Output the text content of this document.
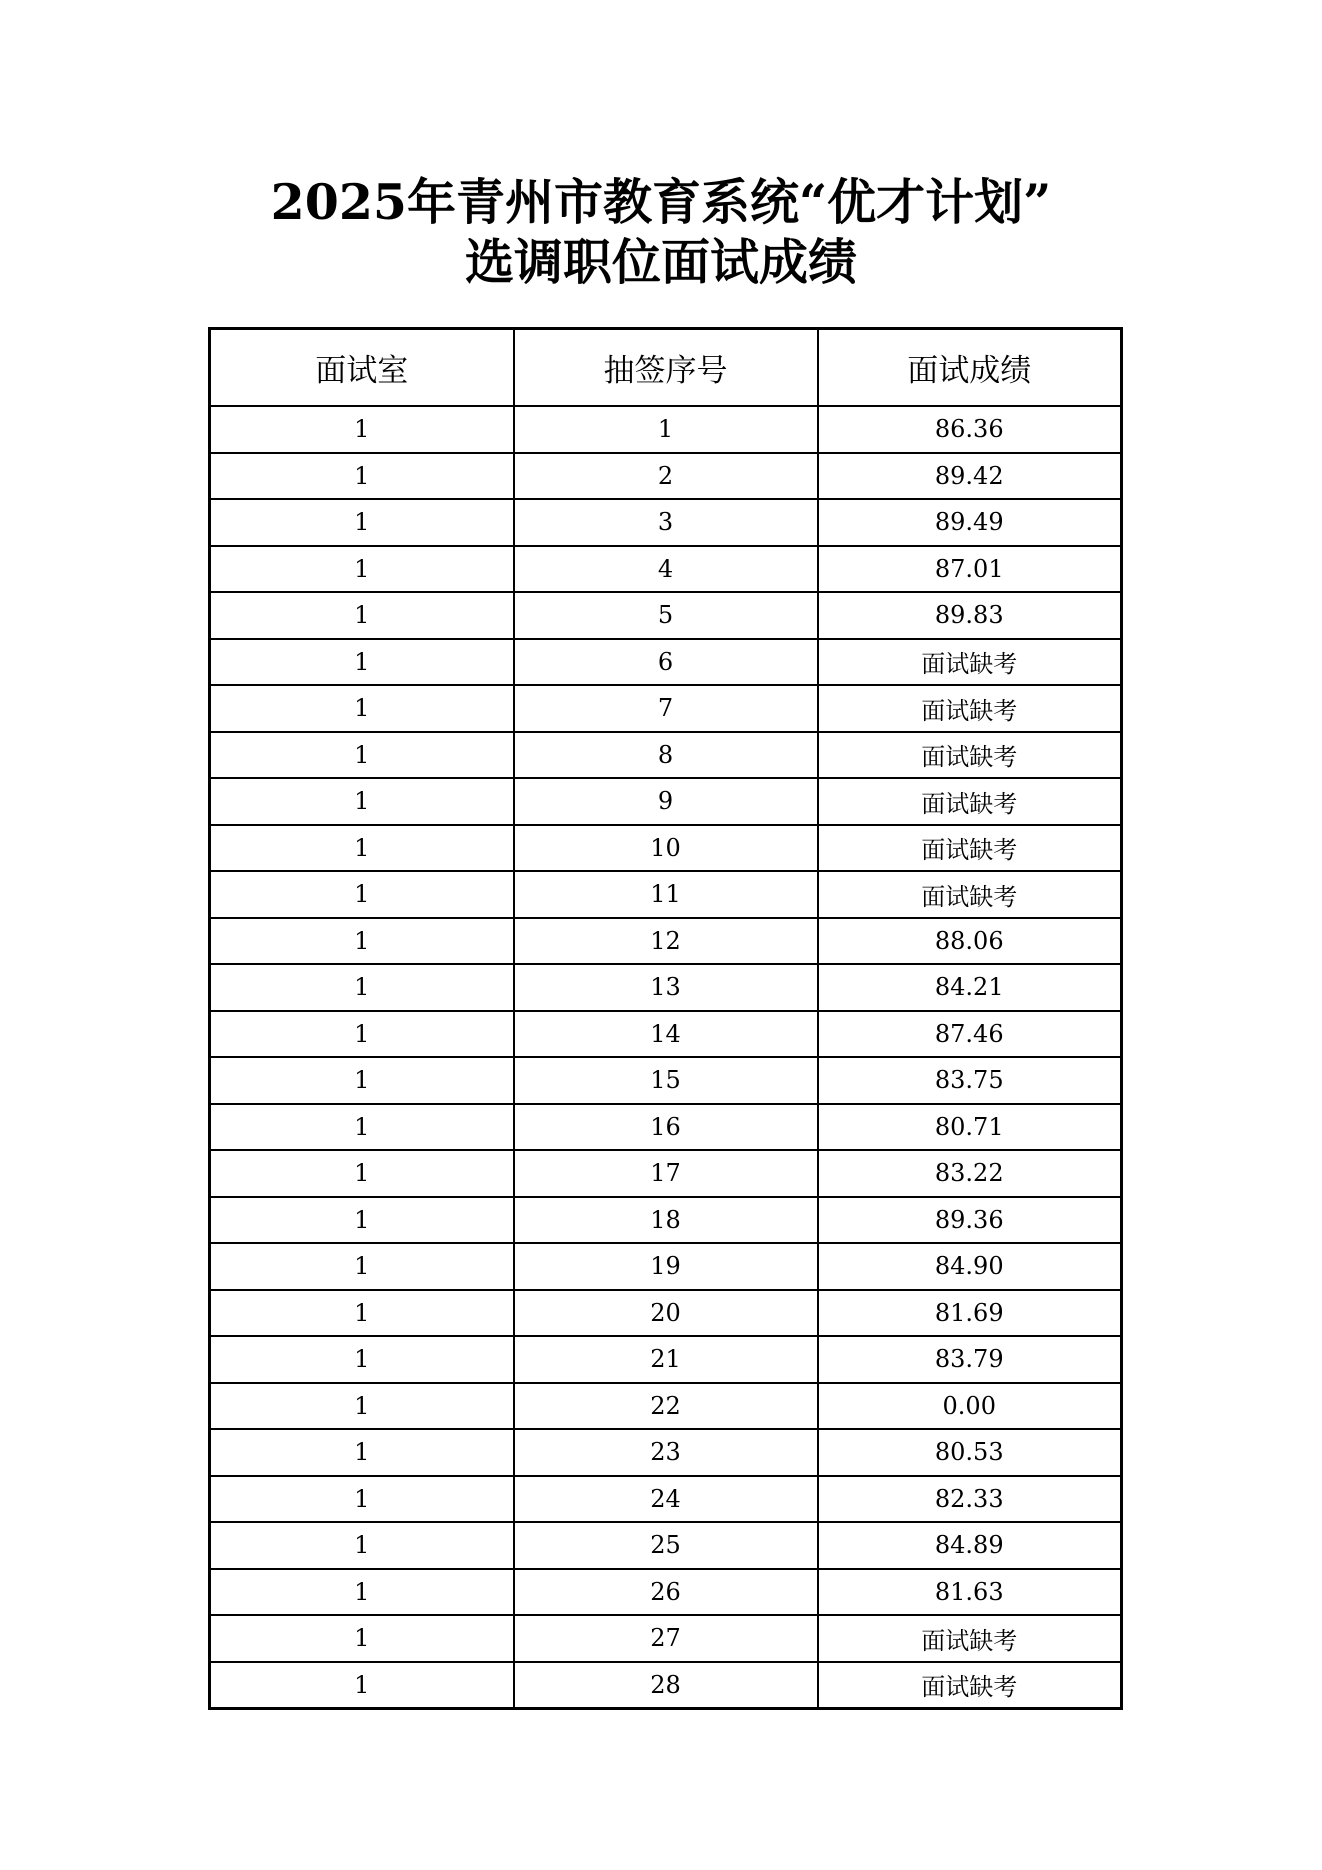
2025年青州市教育系统“优才计划”
选调职位面试成绩
面试室	抽签序号	面试成绩
1	1	86.36
1	2	89.42
1	3	89.49
1	4	87.01
1	5	89.83
1	6	面试缺考
1	7	面试缺考
1	8	面试缺考
1	9	面试缺考
1	10	面试缺考
1	11	面试缺考
1	12	88.06
1	13	84.21
1	14	87.46
1	15	83.75
1	16	80.71
1	17	83.22
1	18	89.36
1	19	84.90
1	20	81.69
1	21	83.79
1	22	0.00
1	23	80.53
1	24	82.33
1	25	84.89
1	26	81.63
1	27	面试缺考
1	28	面试缺考
